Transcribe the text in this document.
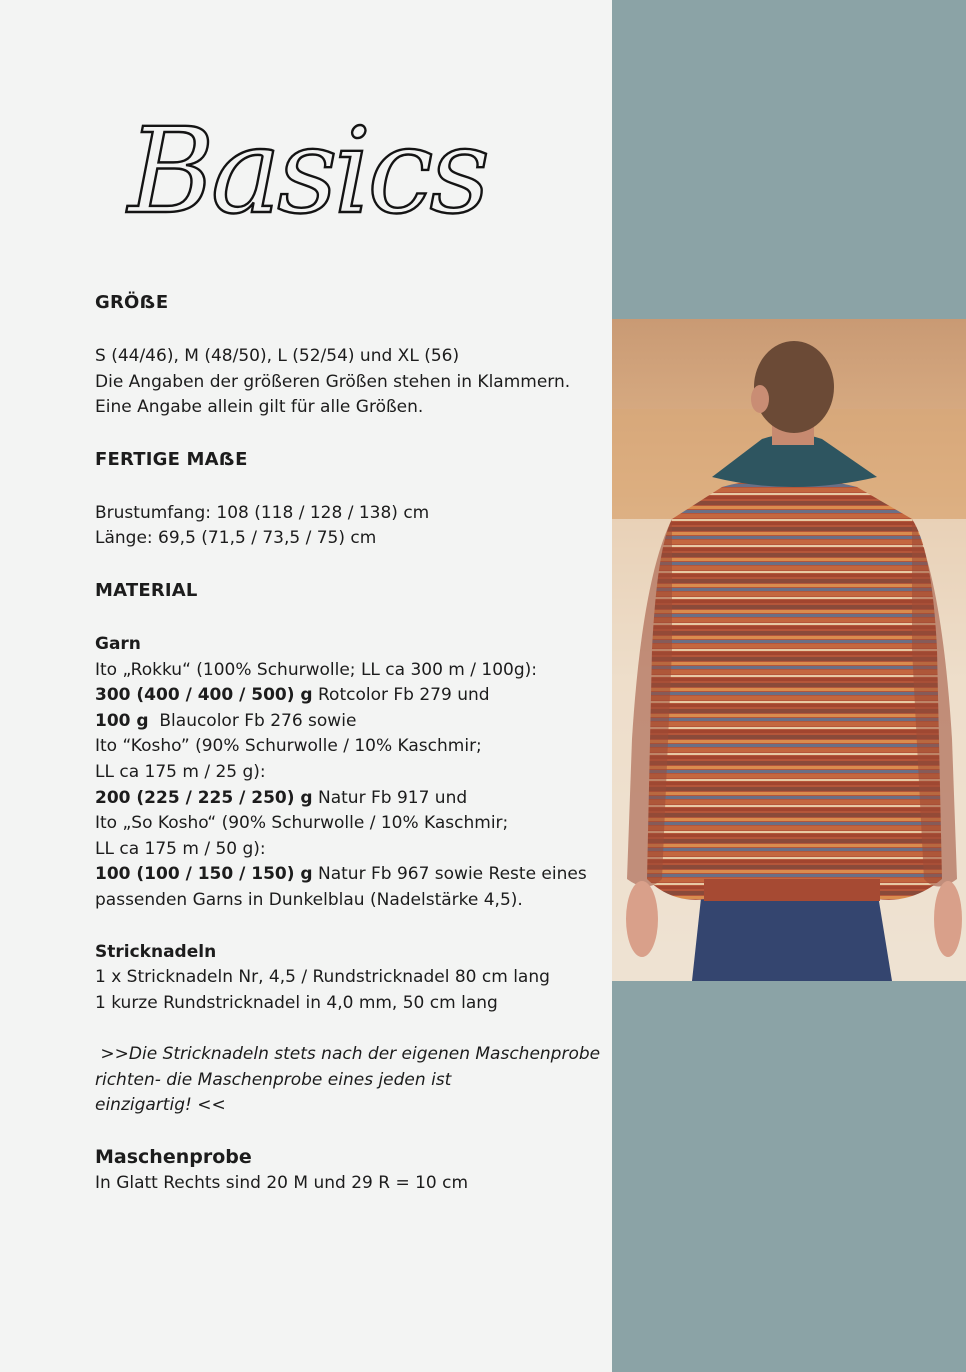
Basics
GRÖẞE

S (44/46), M (48/50), L (52/54) und XL (56)

Die Angaben der größeren Größen stehen in Klammern.

Eine Angabe allein gilt für alle Größen.

FERTIGE MAẞE

Brustumfang: 108 (118 / 128 / 138) cm

Länge: 69,5 (71,5 / 73,5 / 75) cm

MATERIAL

Garn

Ito „Rokku“ (100% Schurwolle; LL ca 300 m / 100g):

300 (400 / 400 / 500) g Rotcolor Fb 279 und

100 g  Blaucolor Fb 276 sowie

Ito “Kosho” (90% Schurwolle / 10% Kaschmir;

LL ca 175 m / 25 g):

200 (225 / 225 / 250) g Natur Fb 917 und

Ito „So Kosho“ (90% Schurwolle / 10% Kaschmir;

LL ca 175 m / 50 g):

100 (100 / 150 / 150) g Natur Fb 967 sowie Reste eines

passenden Garns in Dunkelblau (Nadelstärke 4,5).

Stricknadeln

1 x Stricknadeln Nr, 4,5 / Rundstricknadel 80 cm lang

1 kurze Rundstricknadel in 4,0 mm, 50 cm lang

>>Die Stricknadeln stets nach der eigenen Maschenprobe

richten- die Maschenprobe eines jeden ist

einzigartig! <<

Maschenprobe

In Glatt Rechts sind 20 M und 29 R = 10 cm
